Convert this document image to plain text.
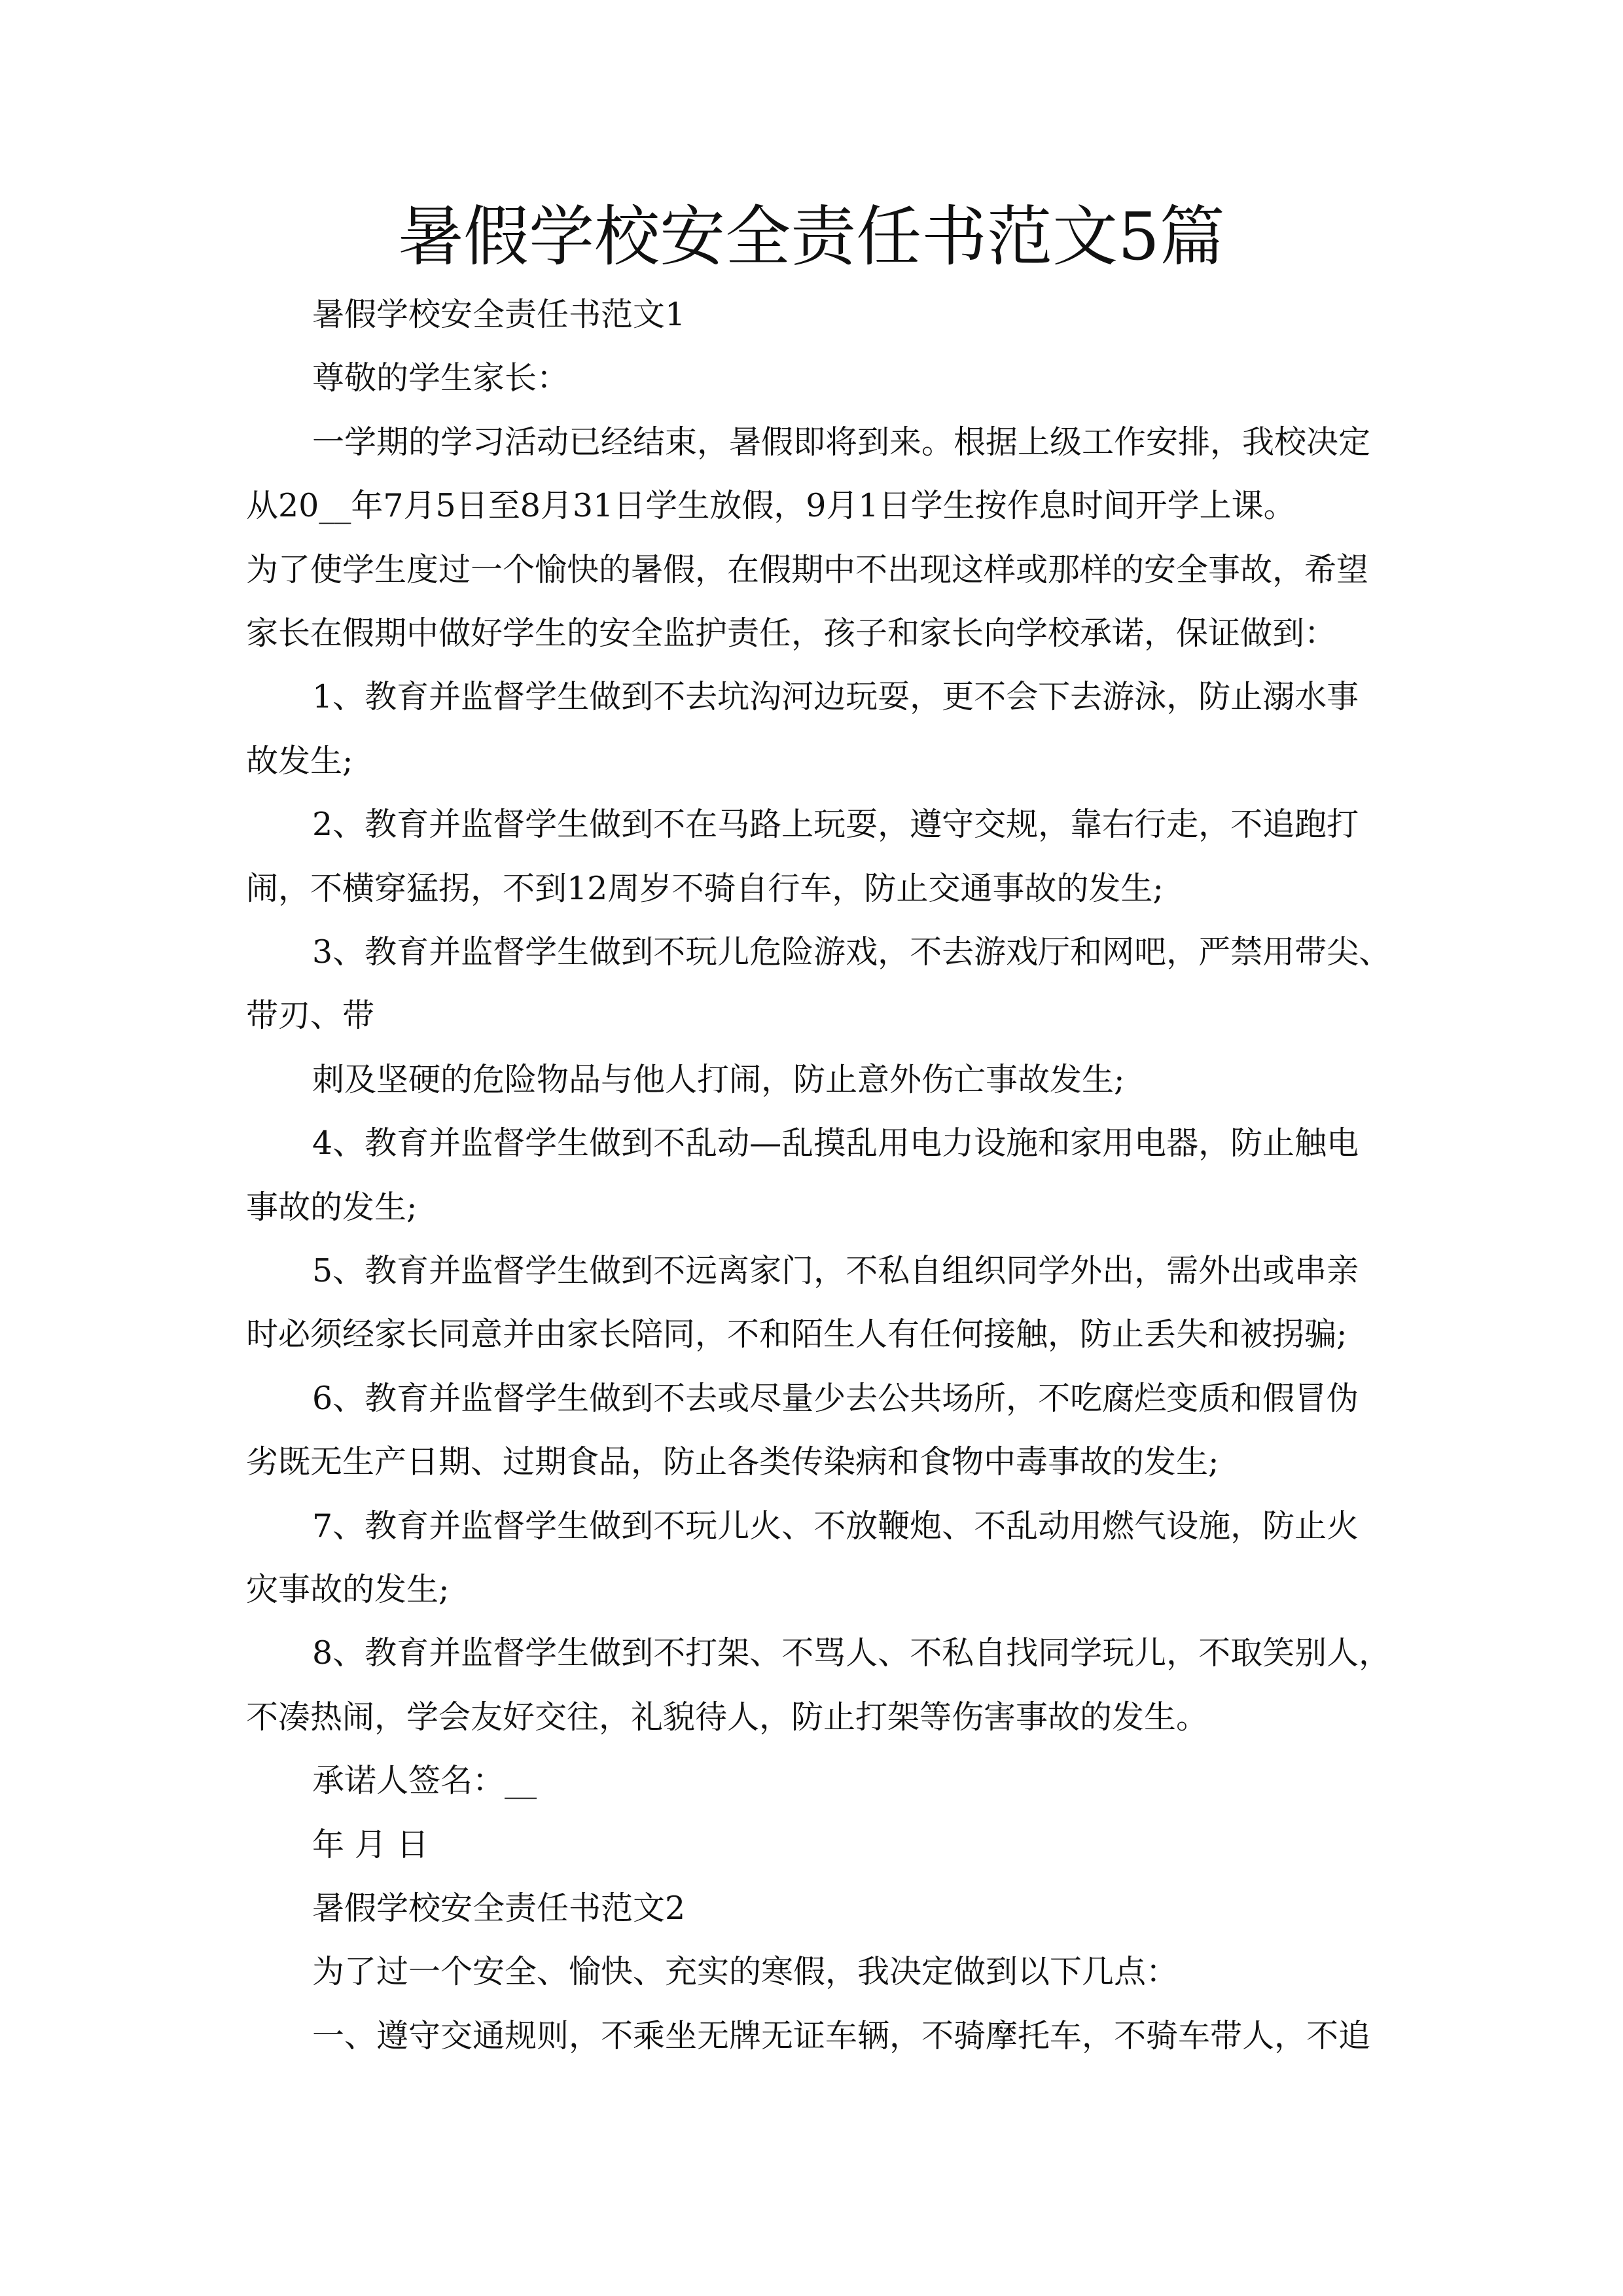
暑假学校安全责任书范文5篇
暑假学校安全责任书范文1
尊敬的学生家长：
一学期的学习活动已经结束，暑假即将到来。根据上级工作安排，我校决定
从20__年7月5日至8月31日学生放假，9月1日学生按作息时间开学上课。
为了使学生度过一个愉快的暑假，在假期中不出现这样或那样的安全事故，希望
家长在假期中做好学生的安全监护责任，孩子和家长向学校承诺，保证做到：
1、教育并监督学生做到不去坑沟河边玩耍，更不会下去游泳，防止溺水事
故发生;
2、教育并监督学生做到不在马路上玩耍，遵守交规，靠右行走，不追跑打
闹，不横穿猛拐，不到12周岁不骑自行车，防止交通事故的发生;
3、教育并监督学生做到不玩儿危险游戏，不去游戏厅和网吧，严禁用带尖、
带刃、带
刺及坚硬的危险物品与他人打闹，防止意外伤亡事故发生;
4、教育并监督学生做到不乱动—乱摸乱用电力设施和家用电器，防止触电
事故的发生;
5、教育并监督学生做到不远离家门，不私自组织同学外出，需外出或串亲
时必须经家长同意并由家长陪同，不和陌生人有任何接触，防止丢失和被拐骗;
6、教育并监督学生做到不去或尽量少去公共场所，不吃腐烂变质和假冒伪
劣既无生产日期、过期食品，防止各类传染病和食物中毒事故的发生;
7、教育并监督学生做到不玩儿火、不放鞭炮、不乱动用燃气设施，防止火
灾事故的发生;
8、教育并监督学生做到不打架、不骂人、不私自找同学玩儿，不取笑别人，
不凑热闹，学会友好交往，礼貌待人，防止打架等伤害事故的发生。
承诺人签名：__
年 月 日
暑假学校安全责任书范文2
为了过一个安全、愉快、充实的寒假，我决定做到以下几点：
一、遵守交通规则，不乘坐无牌无证车辆，不骑摩托车，不骑车带人，不追
